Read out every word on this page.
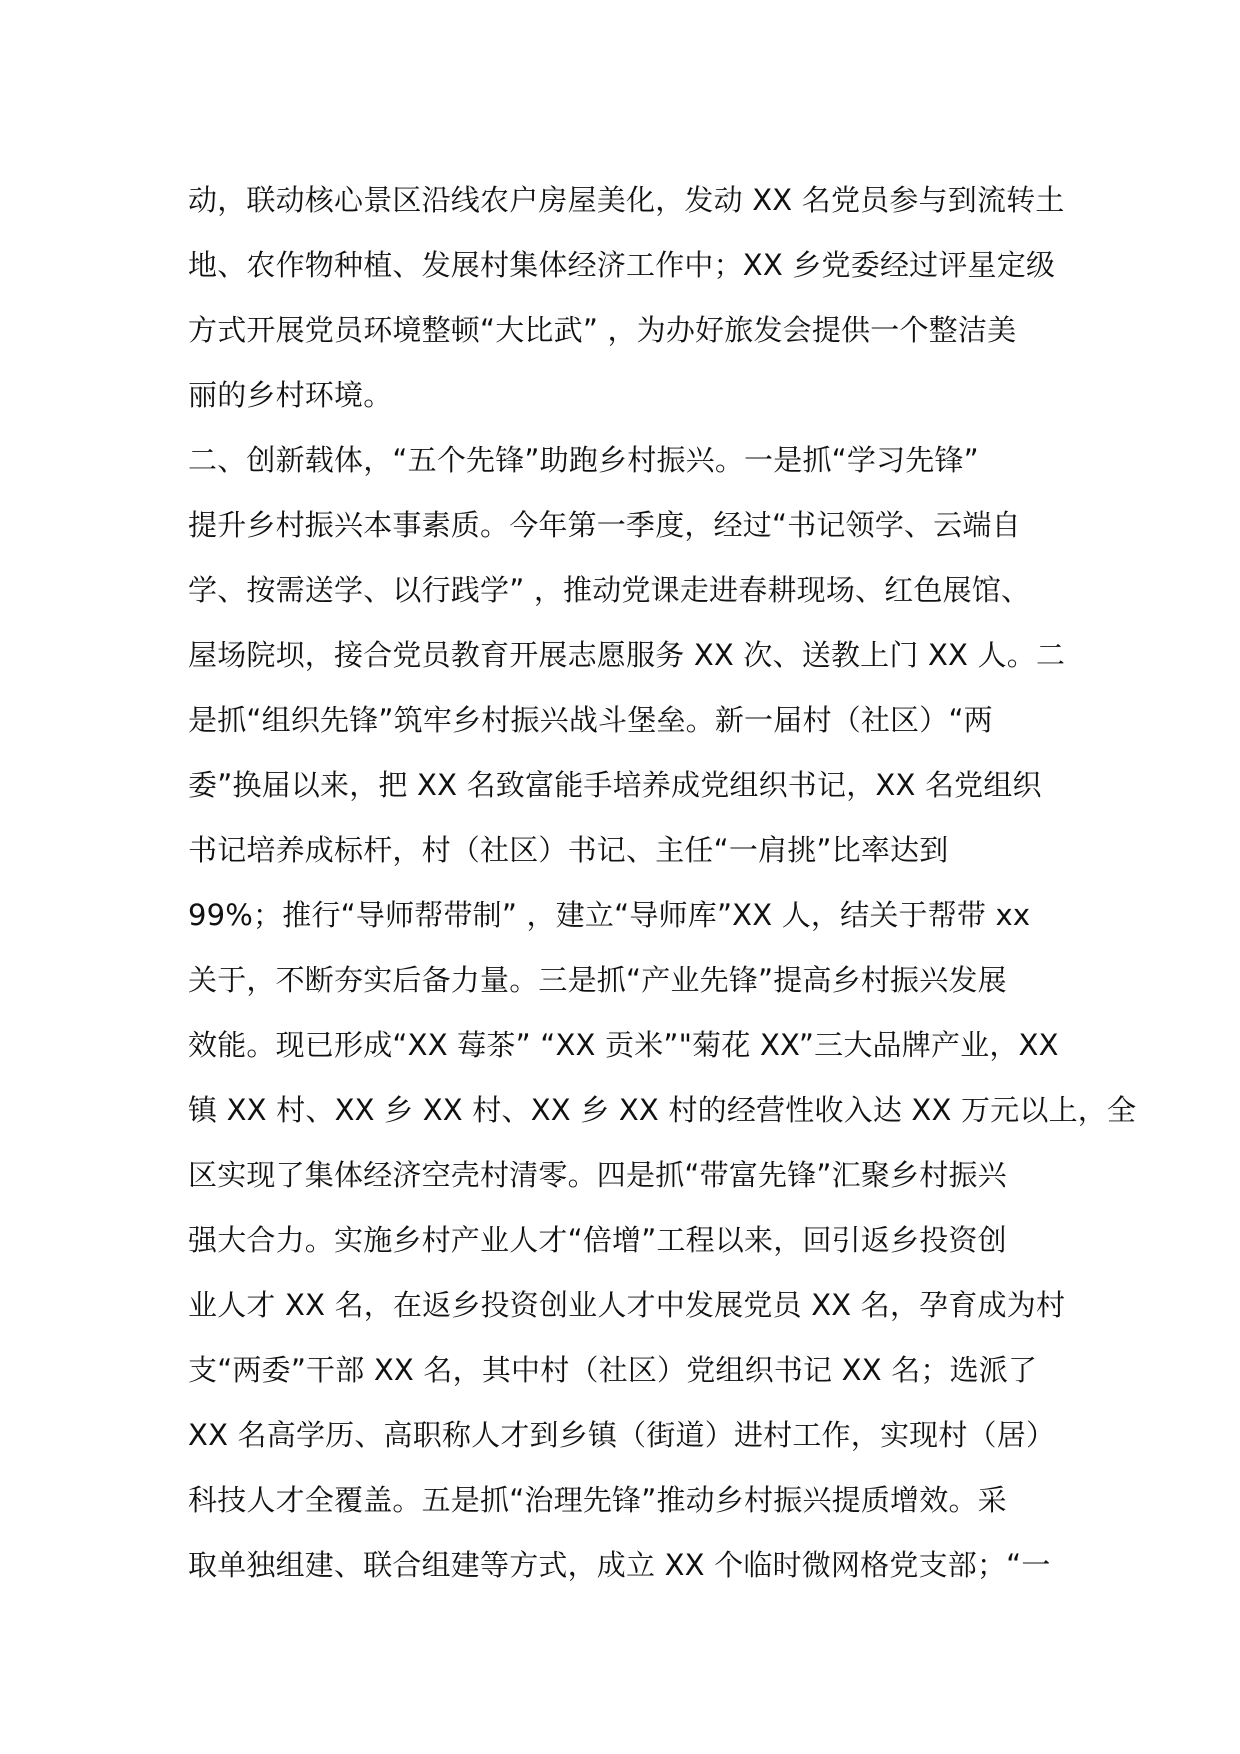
动，联动核心景区沿线农户房屋美化，发动 XX 名党员参与到流转土
地、农作物种植、发展村集体经济工作中；XX 乡党委经过评星定级
方式开展党员环境整顿“大比武” ，为办好旅发会提供一个整洁美
丽的乡村环境。
二、创新载体，“五个先锋”助跑乡村振兴。一是抓“学习先锋”
提升乡村振兴本事素质。今年第一季度，经过“书记领学、云端自
学、按需送学、以行践学” ，推动党课走进春耕现场、红色展馆、
屋场院坝，接合党员教育开展志愿服务 XX 次、送教上门 XX 人。二
是抓“组织先锋”筑牢乡村振兴战斗堡垒。新一届村（社区）“两
委”换届以来，把 XX 名致富能手培养成党组织书记，XX 名党组织
书记培养成标杆，村（社区）书记、主任“一肩挑”比率达到
99%；推行“导师帮带制” ，建立“导师库”XX 人，结关于帮带 xx
关于，不断夯实后备力量。三是抓“产业先锋”提高乡村振兴发展
效能。现已形成“XX 莓茶” “XX 贡米”"菊花 XX”三大品牌产业，XX
镇 XX 村、XX 乡 XX 村、XX 乡 XX 村的经营性收入达 XX 万元以上，全
区实现了集体经济空壳村清零。四是抓“带富先锋”汇聚乡村振兴
强大合力。实施乡村产业人才“倍增”工程以来，回引返乡投资创
业人才 XX 名，在返乡投资创业人才中发展党员 XX 名，孕育成为村
支“两委”干部 XX 名，其中村（社区）党组织书记 XX 名；选派了
XX 名高学历、高职称人才到乡镇（街道）进村工作，实现村（居）
科技人才全覆盖。五是抓“治理先锋”推动乡村振兴提质增效。采
取单独组建、联合组建等方式，成立 XX 个临时微网格党支部；“一
